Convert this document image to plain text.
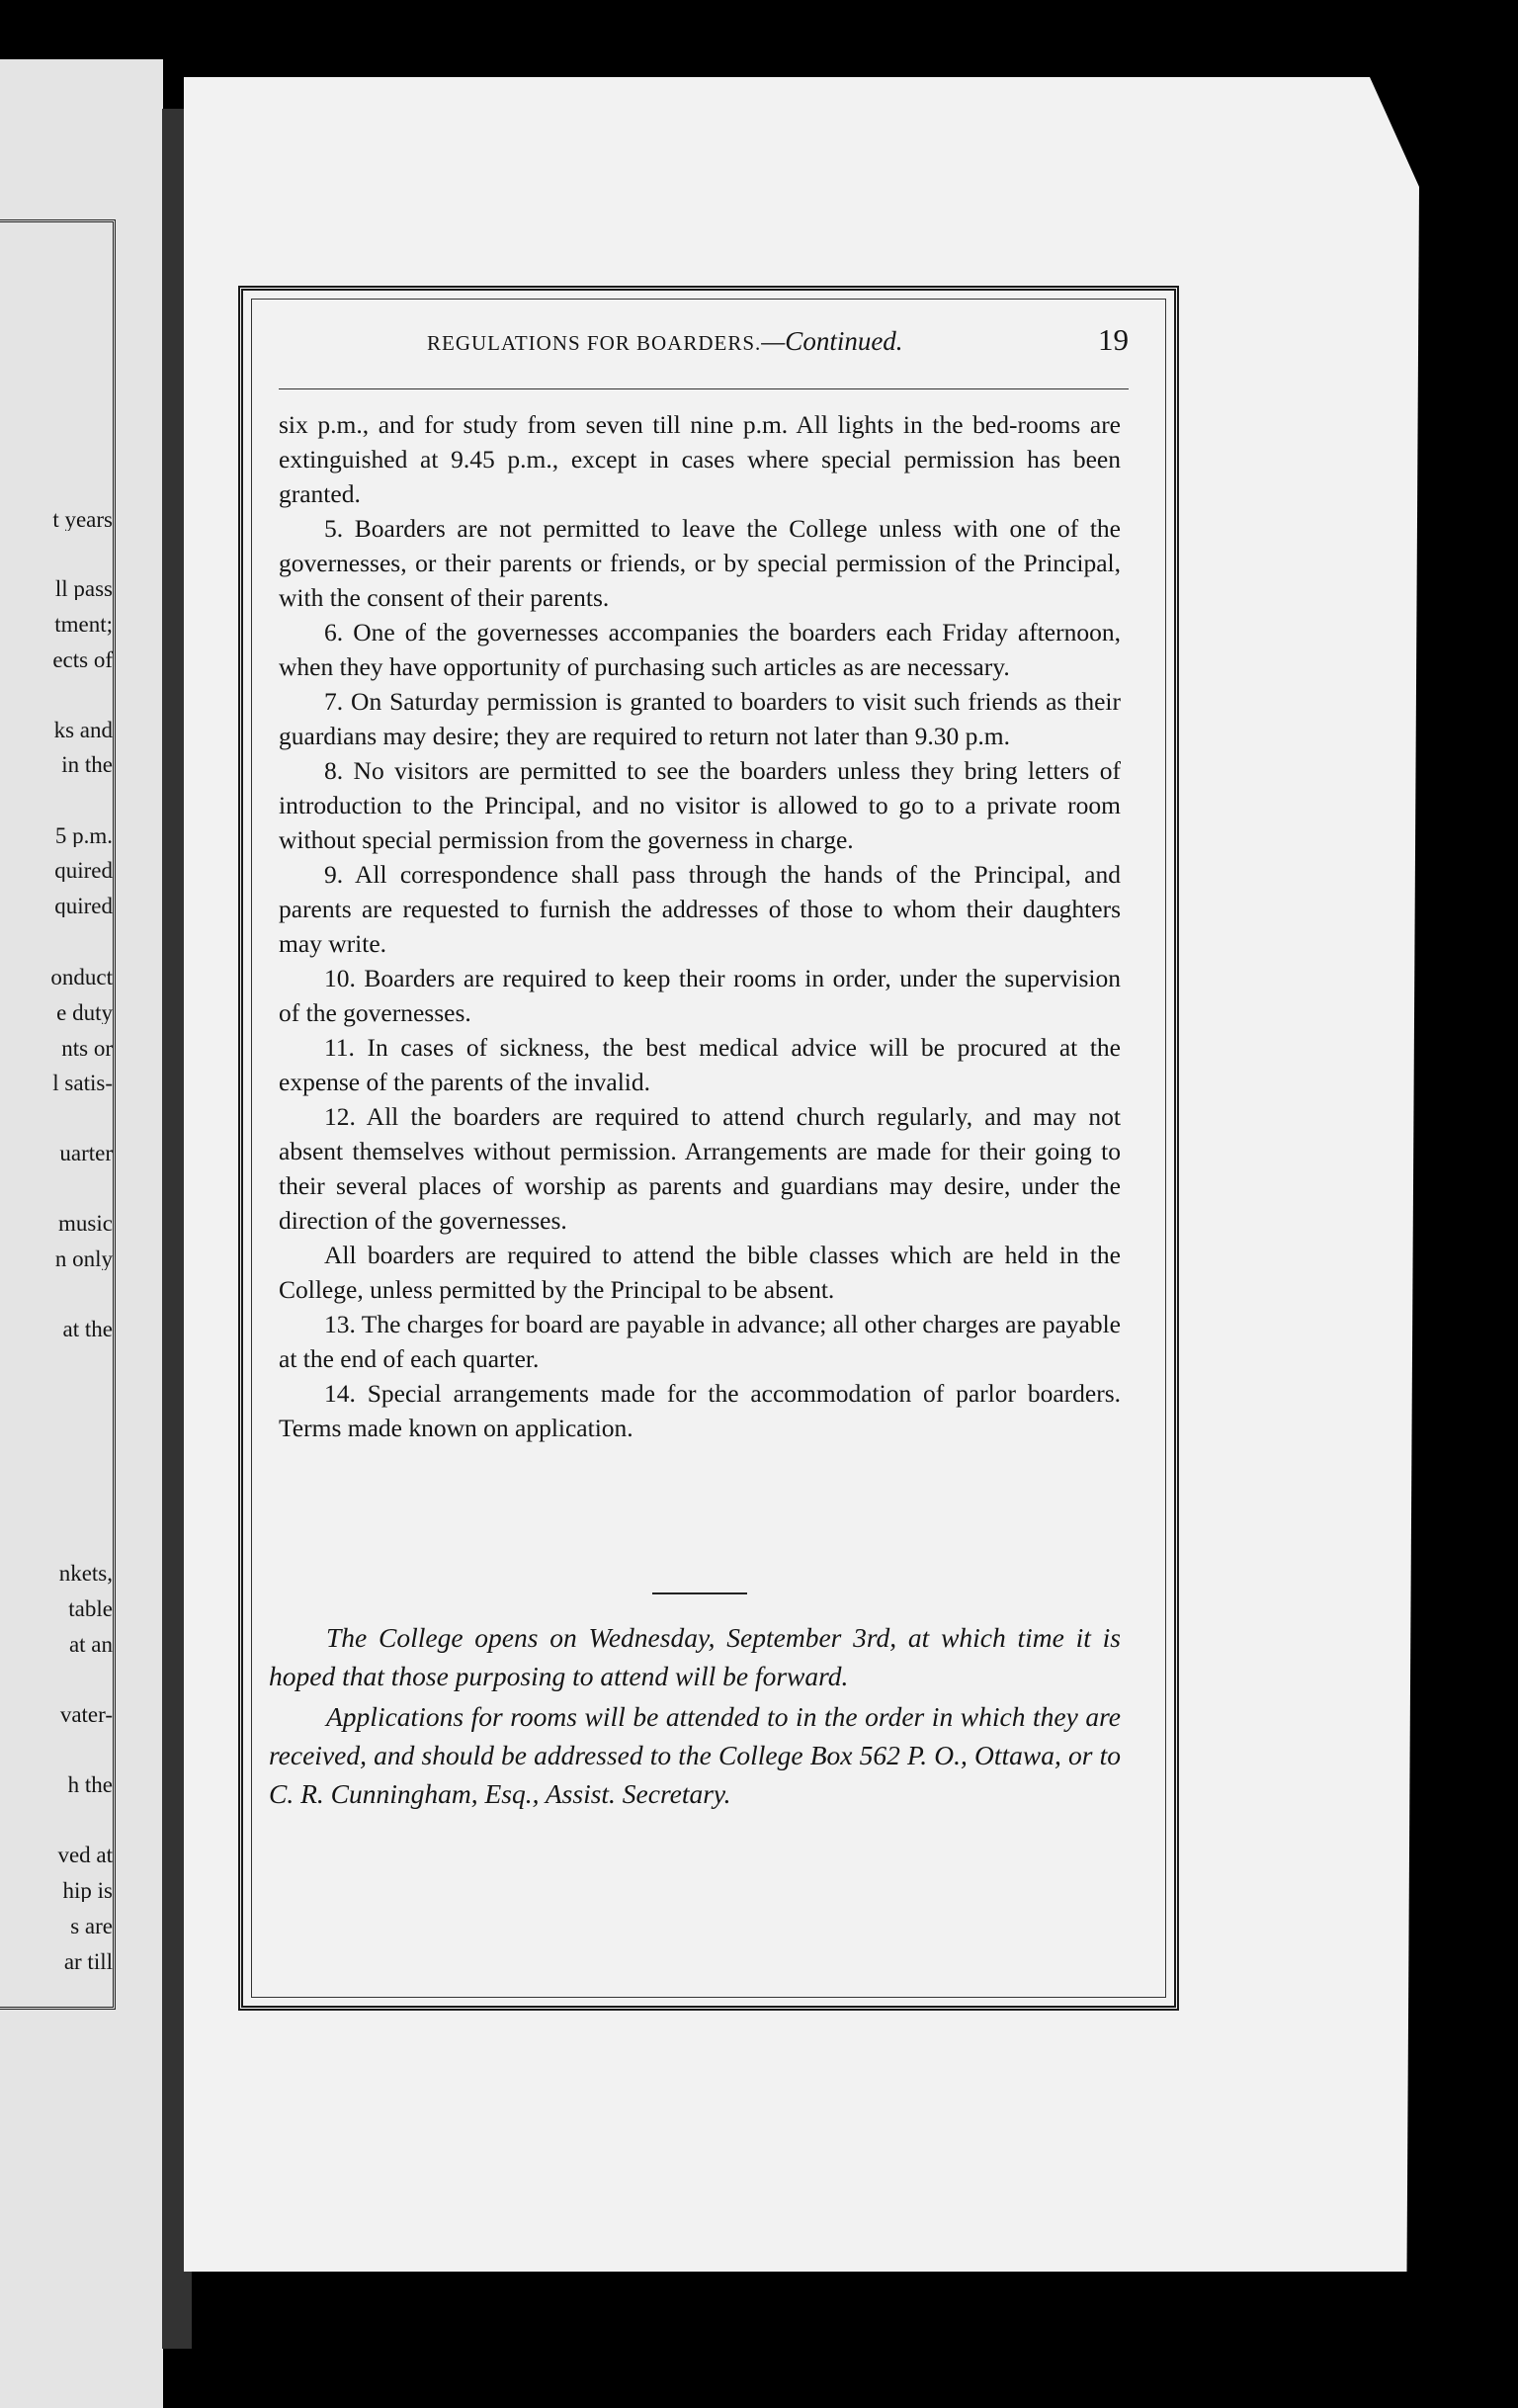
t years
ll pass
tment;
ects of
ks and
in the
5 p.m.
quired
quired
onduct
e duty
nts or
l satis-
uarter
music
n only
at the
nkets,
table
at an
vater-
h the
ved at
hip is
s are
ar till
REGULATIONS FOR BOARDERS.—Continued.	19

six p.m., and for study from seven till nine p.m. All lights in the bed-rooms are extinguished at 9.45 p.m., except in cases where special permission has been granted.

5. Boarders are not permitted to leave the College unless with one of the governesses, or their parents or friends, or by special permission of the Principal, with the consent of their parents.

6. One of the governesses accompanies the boarders each Friday afternoon, when they have opportunity of purchasing such articles as are necessary.

7. On Saturday permission is granted to boarders to visit such friends as their guardians may desire; they are required to return not later than 9.30 p.m.

8. No visitors are permitted to see the boarders unless they bring letters of introduction to the Principal, and no visitor is allowed to go to a private room without special permission from the governess in charge.

9. All correspondence shall pass through the hands of the Principal, and parents are requested to furnish the addresses of those to whom their daughters may write.

10. Boarders are required to keep their rooms in order, under the supervision of the governesses.

11. In cases of sickness, the best medical advice will be procured at the expense of the parents of the invalid.

12. All the boarders are required to attend church regularly, and may not absent themselves without permission. Arrangements are made for their going to their several places of worship as parents and guardians may desire, under the direction of the governesses.

All boarders are required to attend the bible classes which are held in the College, unless permitted by the Principal to be absent.

13. The charges for board are payable in advance; all other charges are payable at the end of each quarter.

14. Special arrangements made for the accommodation of parlor boarders. Terms made known on application.

The College opens on Wednesday, September 3rd, at which time it is hoped that those purposing to attend will be forward.

Applications for rooms will be attended to in the order in which they are received, and should be addressed to the College Box 562 P. O., Ottawa, or to C. R. Cunningham, Esq., Assist. Secretary.
